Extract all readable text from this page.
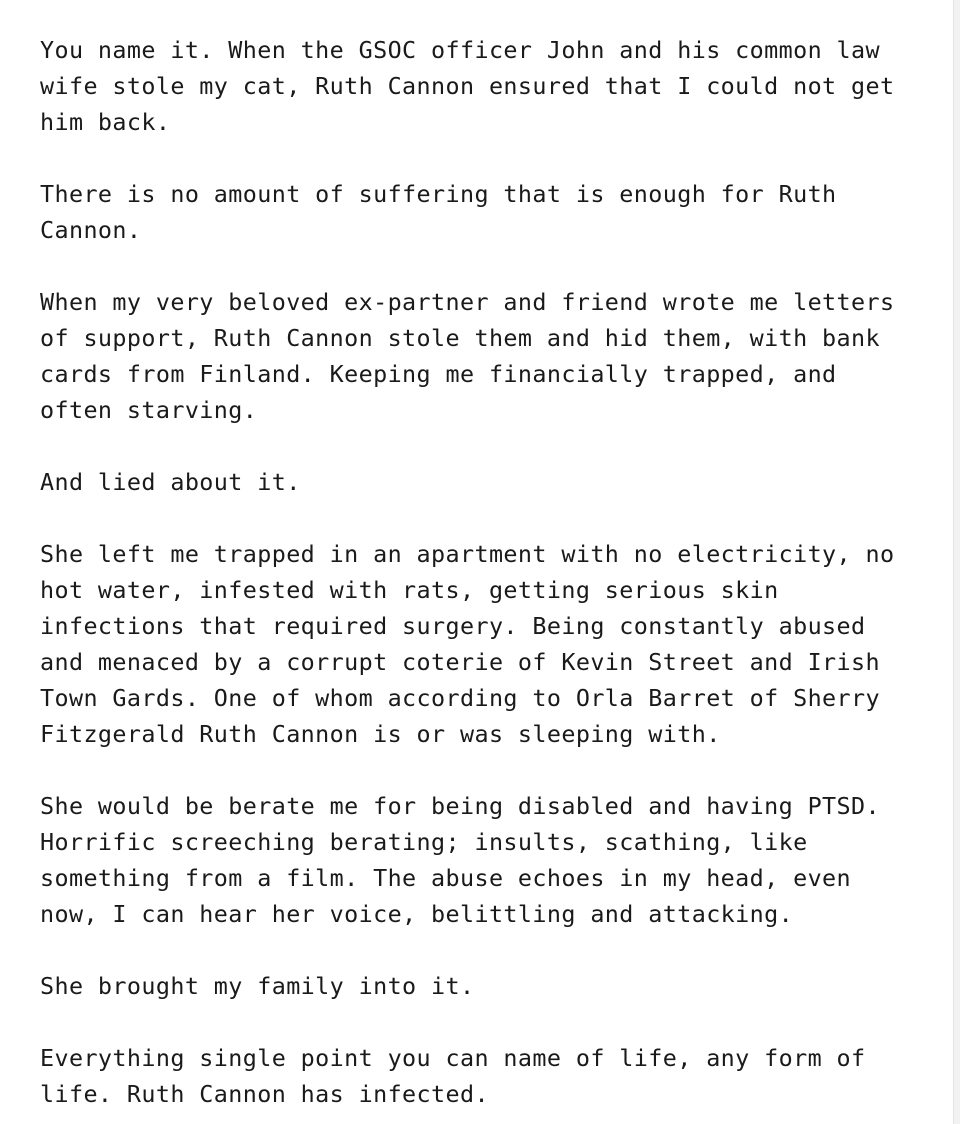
You name it. When the GSOC officer John and his common law
wife stole my cat, Ruth Cannon ensured that I could not get
him back.

There is no amount of suffering that is enough for Ruth
Cannon.

When my very beloved ex-partner and friend wrote me letters
of support, Ruth Cannon stole them and hid them, with bank
cards from Finland. Keeping me financially trapped, and
often starving.

And lied about it.

She left me trapped in an apartment with no electricity, no
hot water, infested with rats, getting serious skin
infections that required surgery. Being constantly abused
and menaced by a corrupt coterie of Kevin Street and Irish
Town Gards. One of whom according to Orla Barret of Sherry
Fitzgerald Ruth Cannon is or was sleeping with.

She would be berate me for being disabled and having PTSD.
Horrific screeching berating; insults, scathing, like
something from a film. The abuse echoes in my head, even
now, I can hear her voice, belittling and attacking.

She brought my family into it.

Everything single point you can name of life, any form of
life. Ruth Cannon has infected.
